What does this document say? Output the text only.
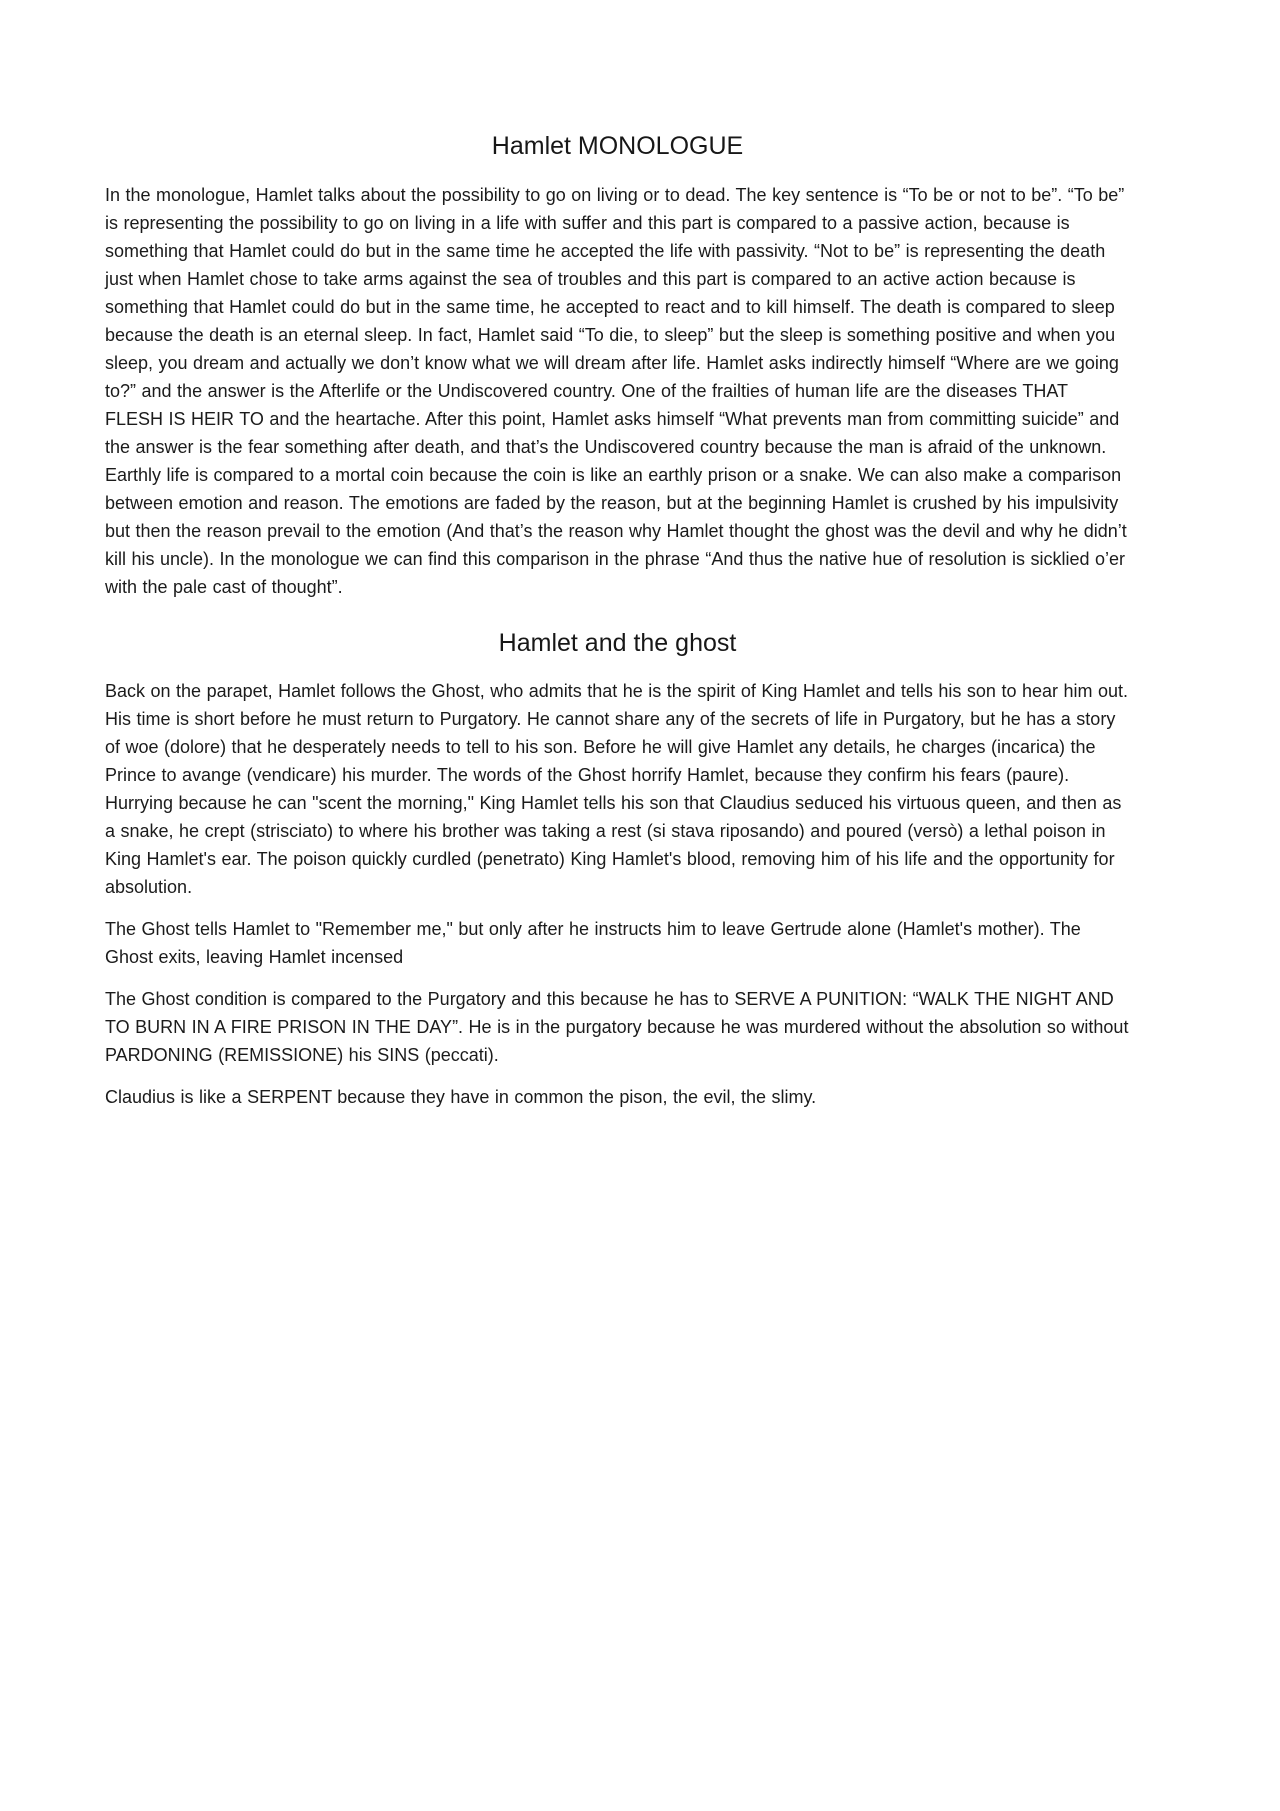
Hamlet MONOLOGUE

In the monologue, Hamlet talks about the possibility to go on living or to dead. The key sentence is “To be or not to be”. “To be” is representing the possibility to go on living in a life with suffer and this part is compared to a passive action, because is something that Hamlet could do but in the same time he accepted the life with passivity. “Not to be” is representing the death just when Hamlet chose to take arms against the sea of troubles and this part is compared to an active action because is something that Hamlet could do but in the same time, he accepted to react and to kill himself. The death is compared to sleep because the death is an eternal sleep. In fact, Hamlet said “To die, to sleep” but the sleep is something positive and when you sleep, you dream and actually we don’t know what we will dream after life. Hamlet asks indirectly himself “Where are we going to?” and the answer is the Afterlife or the Undiscovered country. One of the frailties of human life are the diseases THAT FLESH IS HEIR TO and the heartache. After this point, Hamlet asks himself “What prevents man from committing suicide” and the answer is the fear something after death, and that’s the Undiscovered country because the man is afraid of the unknown. Earthly life is compared to a mortal coin because the coin is like an earthly prison or a snake. We can also make a comparison between emotion and reason. The emotions are faded by the reason, but at the beginning Hamlet is crushed by his impulsivity but then the reason prevail to the emotion (And that’s the reason why Hamlet thought the ghost was the devil and why he didn’t kill his uncle). In the monologue we can find this comparison in the phrase “And thus the native hue of resolution is sicklied o’er with the pale cast of thought”.

Hamlet and the ghost

Back on the parapet, Hamlet follows the Ghost, who admits that he is the spirit of King Hamlet and tells his son to hear him out. His time is short before he must return to Purgatory. He cannot share any of the secrets of life in Purgatory, but he has a story of woe (dolore) that he desperately needs to tell to his son. Before he will give Hamlet any details, he charges (incarica) the Prince to avange (vendicare) his murder. The words of the Ghost horrify Hamlet, because they confirm his fears (paure). Hurrying because he can "scent the morning," King Hamlet tells his son that Claudius seduced his virtuous queen, and then as a snake, he crept (strisciato) to where his brother was taking a rest (si stava riposando) and poured (versò) a lethal poison in King Hamlet's ear. The poison quickly curdled (penetrato) King Hamlet's blood, removing him of his life and the opportunity for absolution.

The Ghost tells Hamlet to "Remember me," but only after he instructs him to leave Gertrude alone (Hamlet's mother). The Ghost exits, leaving Hamlet incensed

The Ghost condition is compared to the Purgatory and this because he has to SERVE A PUNITION: “WALK THE NIGHT AND TO BURN IN A FIRE PRISON IN THE DAY”. He is in the purgatory because he was murdered without the absolution so without PARDONING (REMISSIONE) his SINS (peccati).

Claudius is like a SERPENT because they have in common the pison, the evil, the slimy.
